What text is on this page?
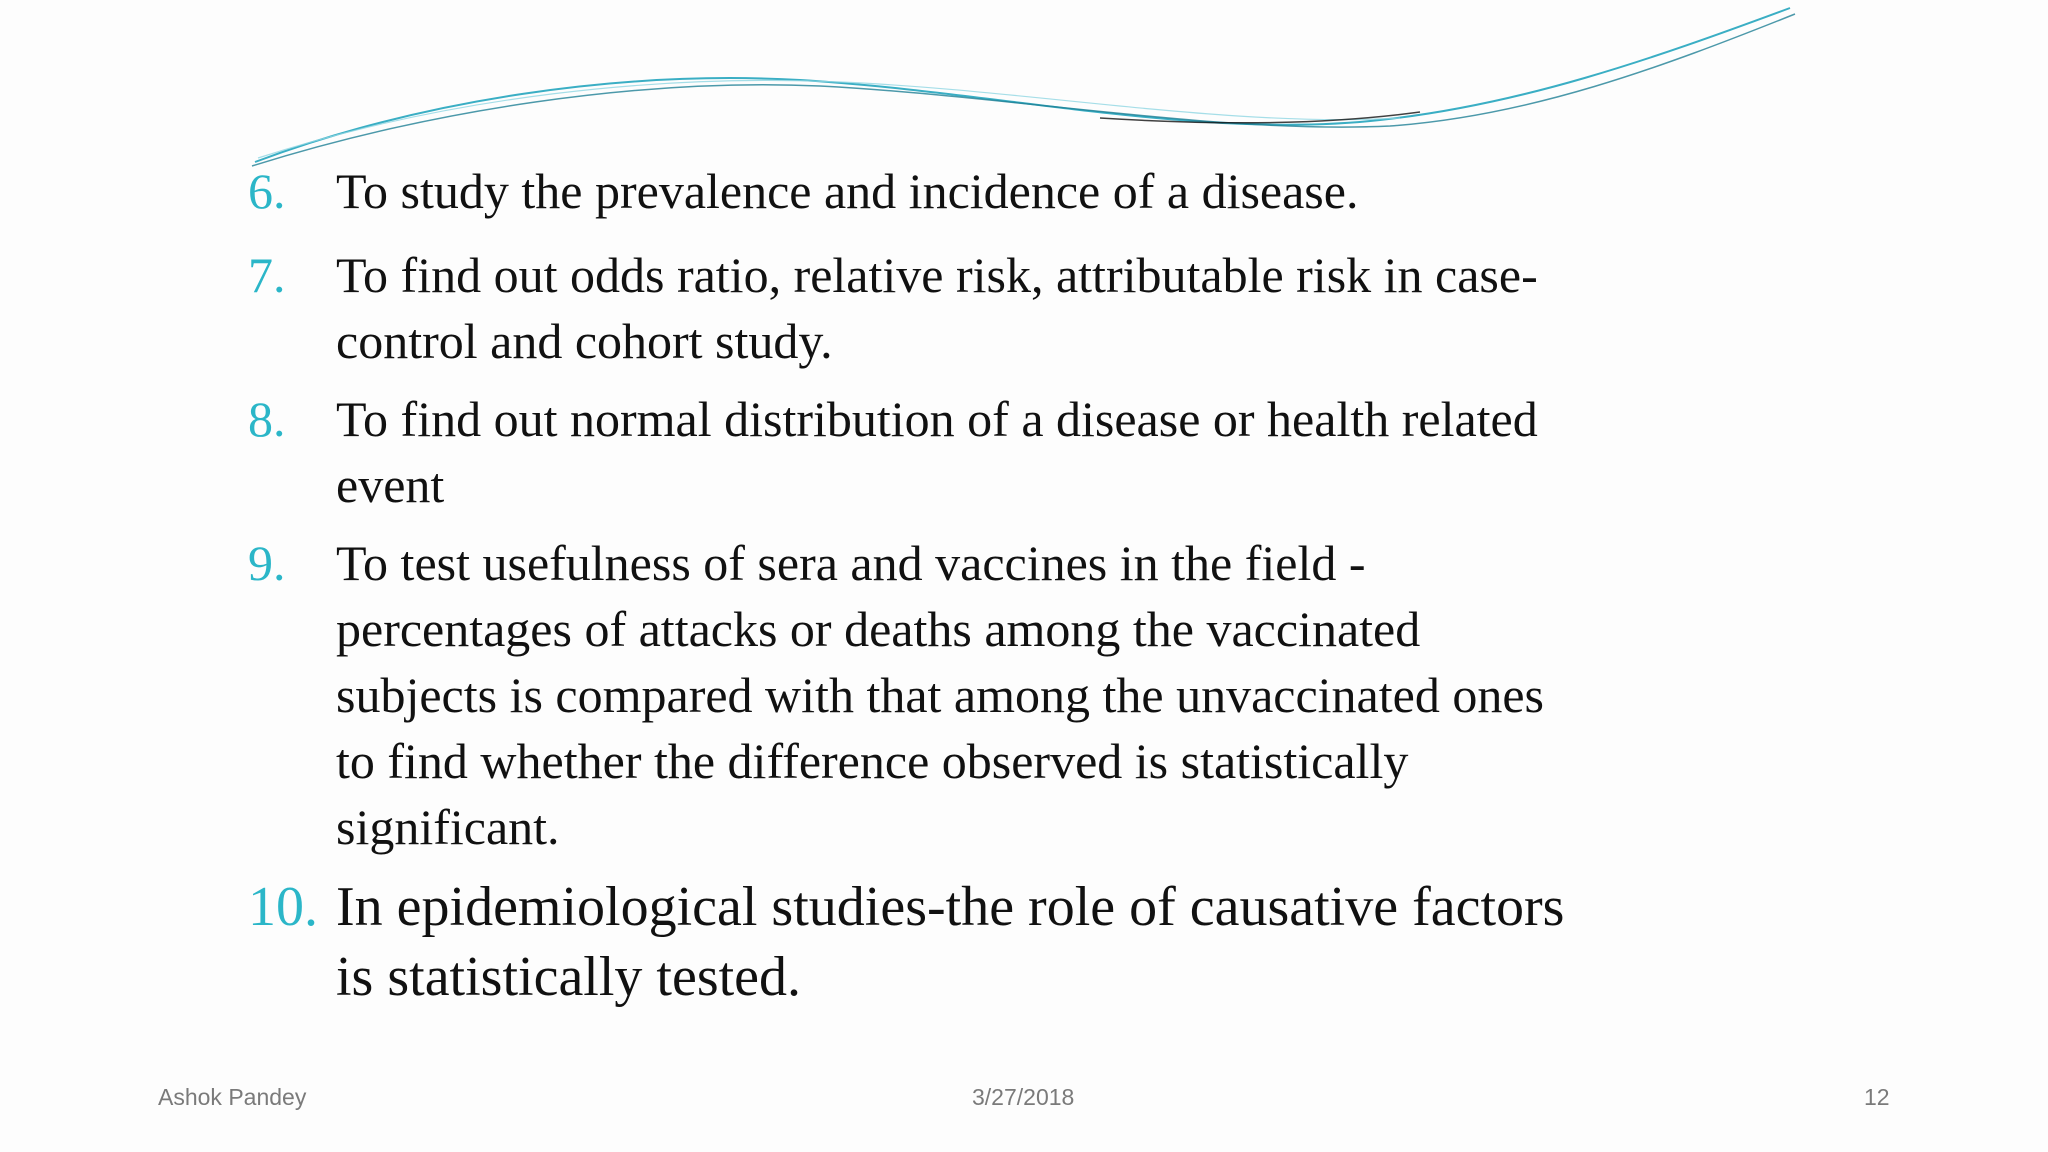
6.	To study the prevalence and incidence of a disease.
7.	To find out odds ratio, relative risk, attributable risk in case-
control and cohort study.
8.	To find out normal distribution of a disease or health related
event
9.	To test usefulness of sera and vaccines in the field -
percentages of attacks or deaths among the vaccinated
subjects is compared with that among the unvaccinated ones
to find whether the difference observed is statistically
significant.
10. In epidemiological studies-the role of causative factors
is statistically tested.
Ashok Pandey	3/27/2018	12
